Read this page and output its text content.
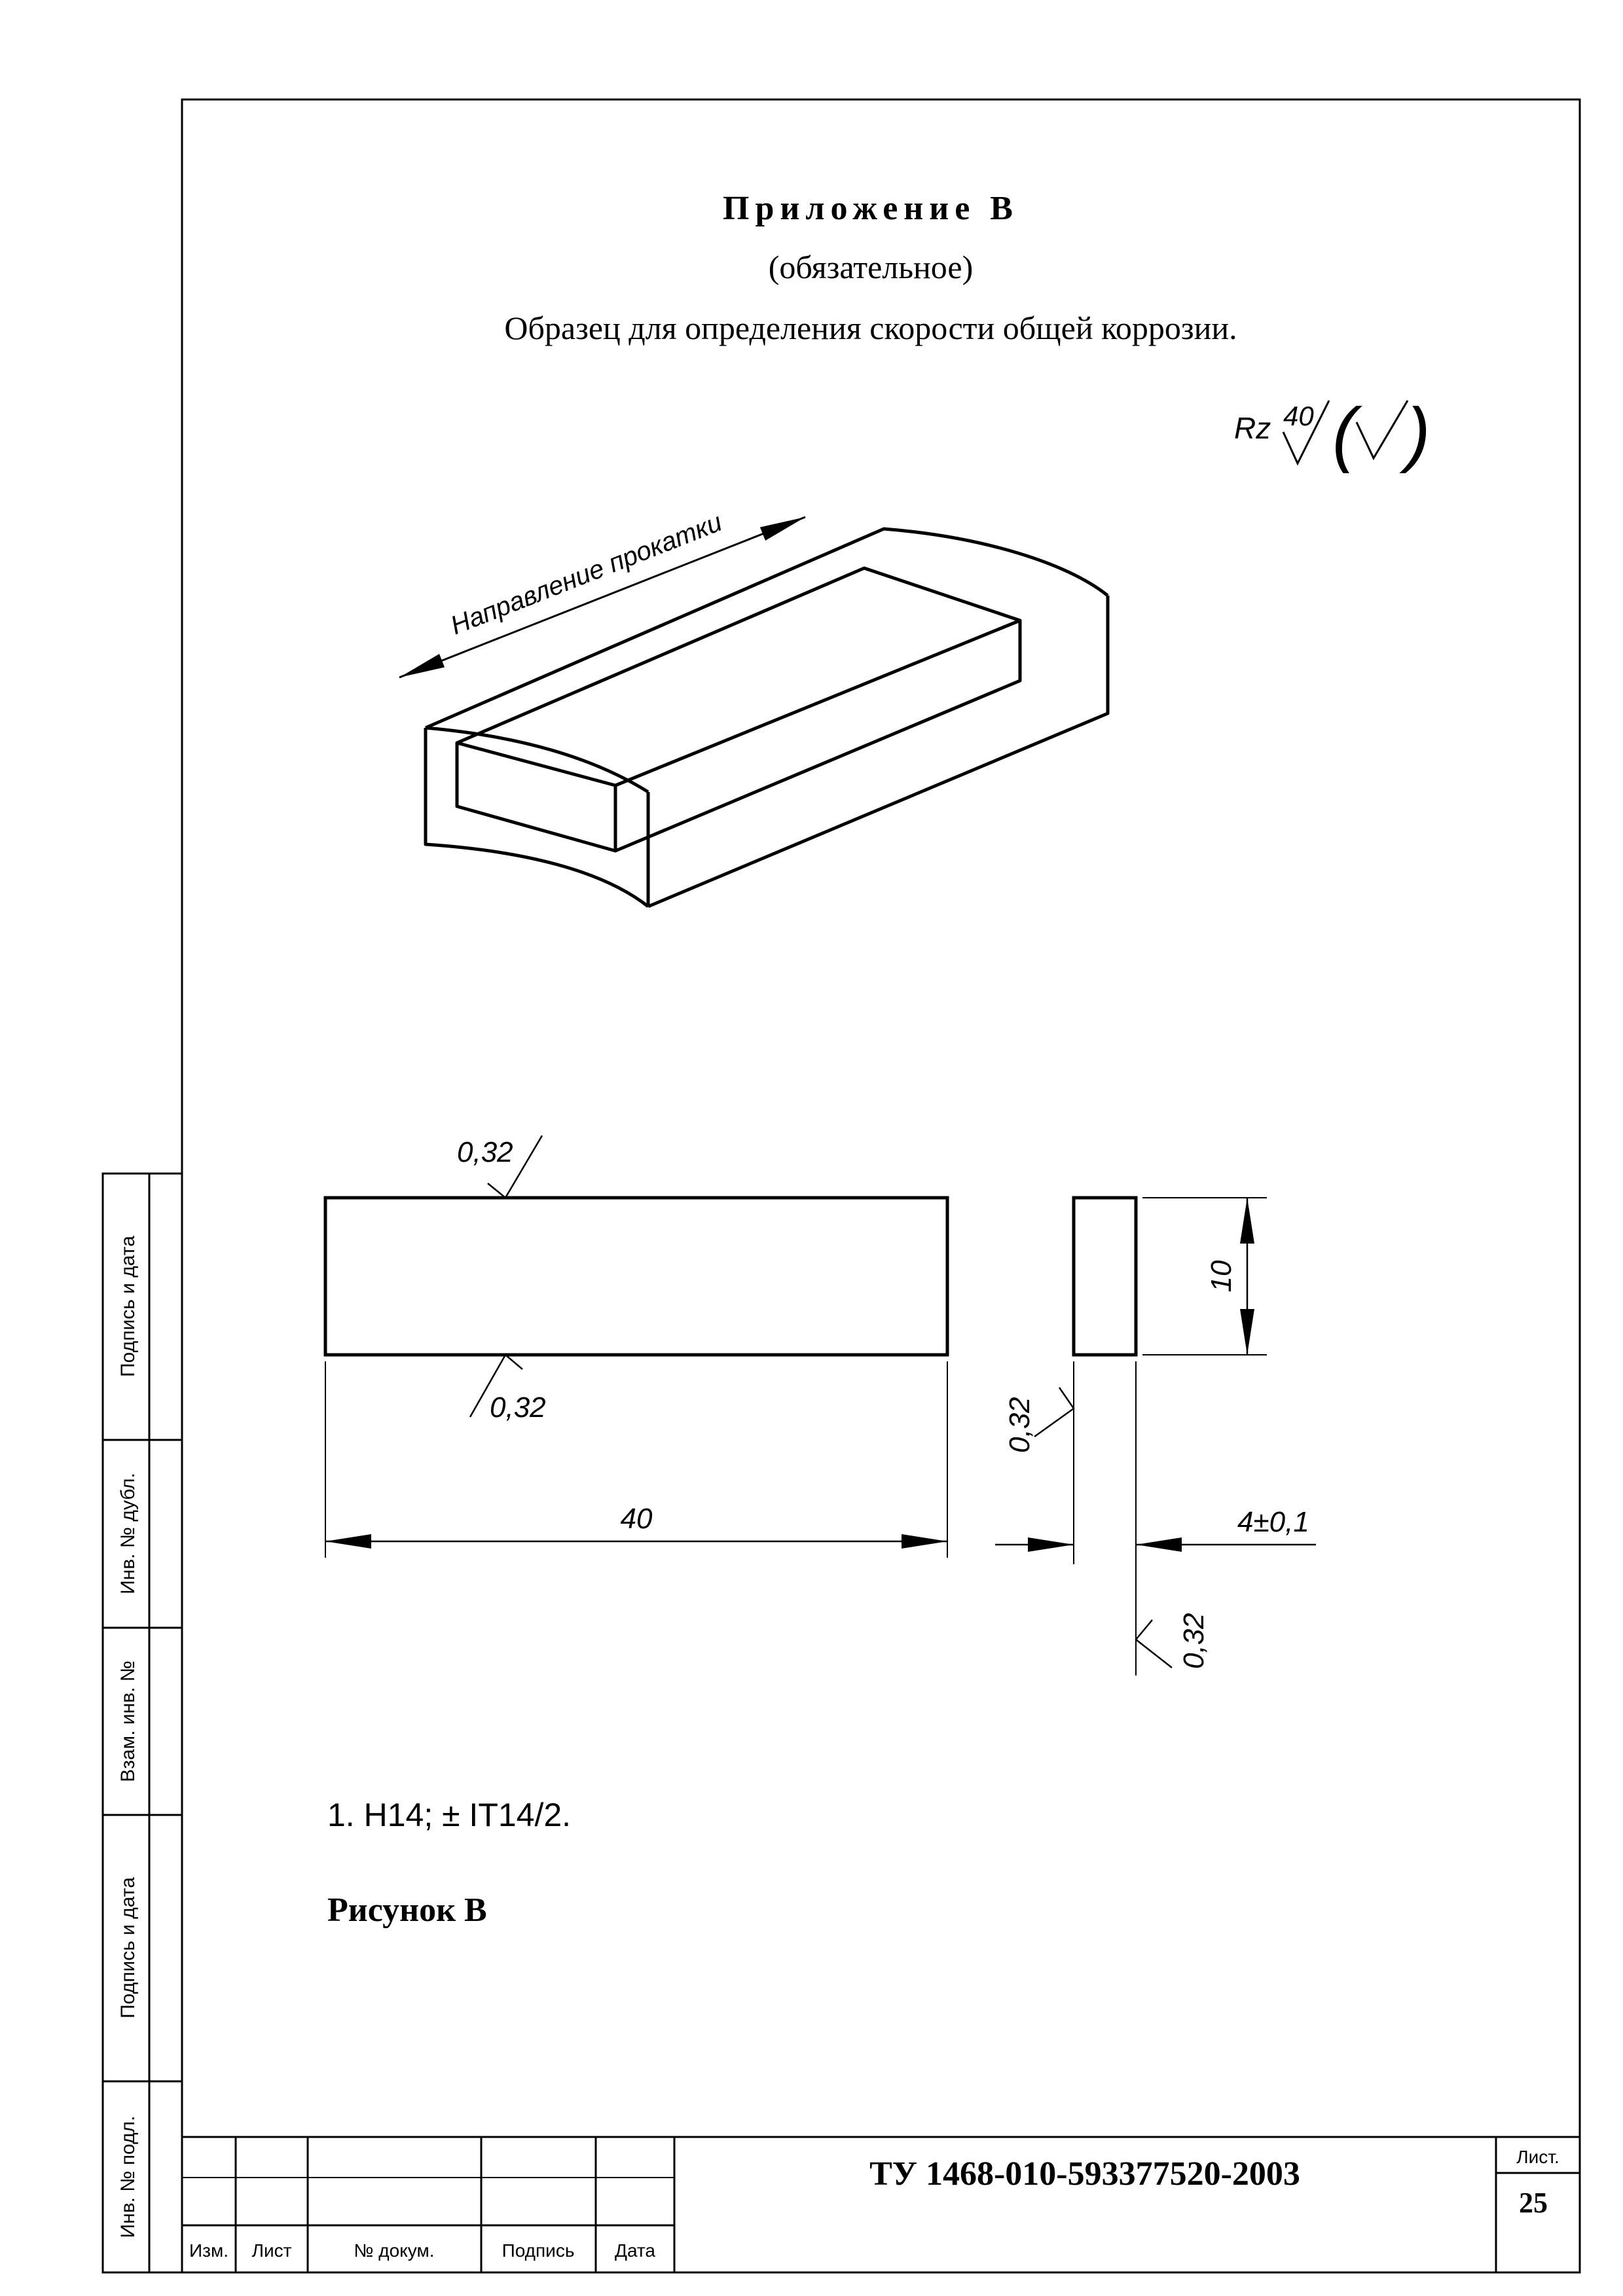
Подпись и дата
Инв. № дубл.
Взам. инв. №
Подпись и дата
Инв. № подл.
Приложение В
(обязательное)
Образец для определения скорости общей коррозии.
Rz 40 ( )
Направление прокатки
0,32
0,32
40
10
4±0,1
0,32
0,32
1. H14; ± IT14/2.
Рисунок В
Изм. Лист	№ докум.	Подпись Дата
Лист.
ТУ 1468-010-593377520-2003
25
